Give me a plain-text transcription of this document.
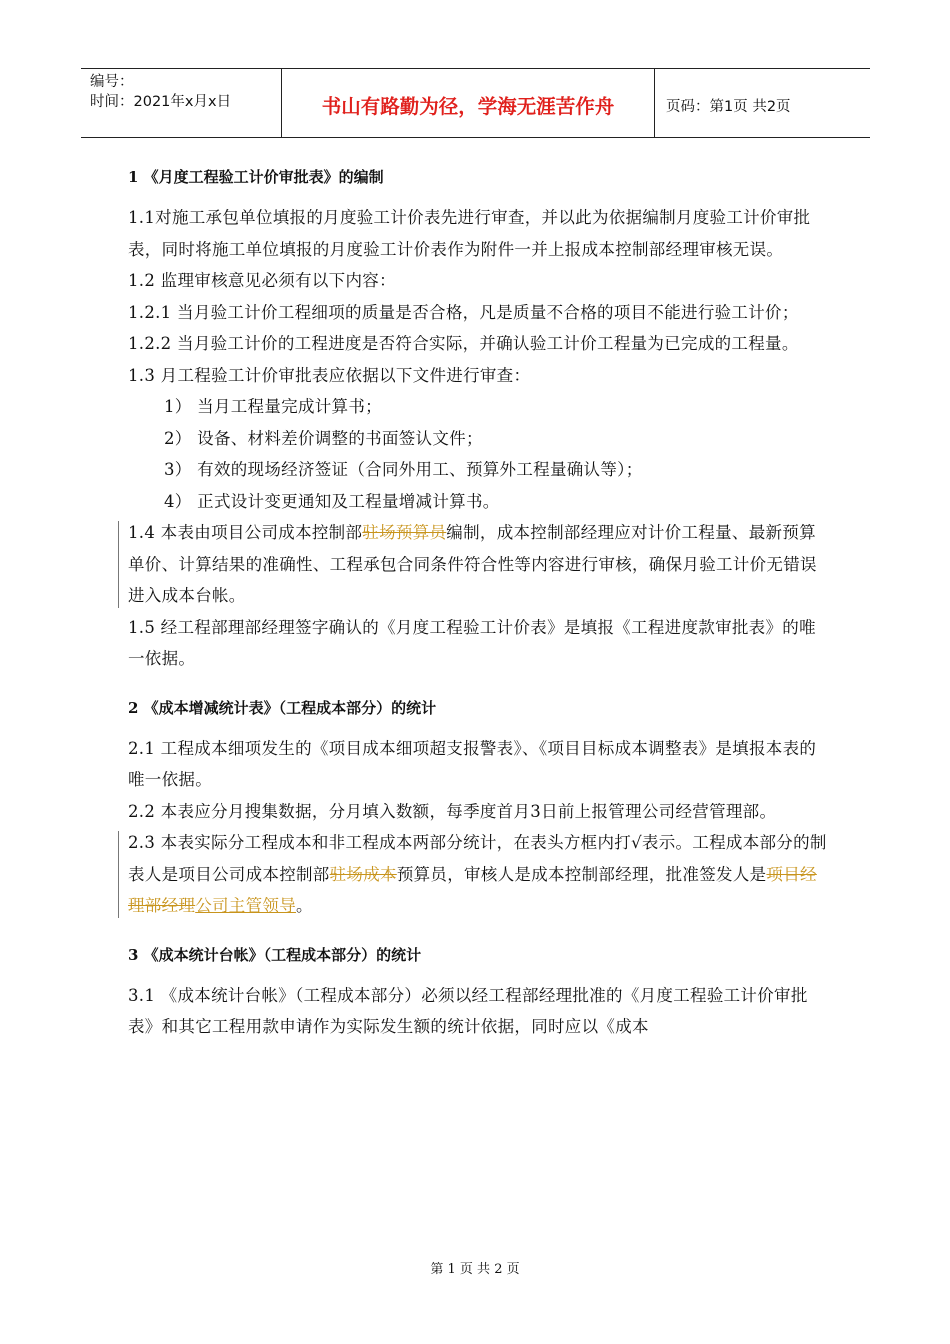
编号：
时间：2021年x月x日	书山有路勤为径，学海无涯苦作舟	页码：第1页 共2页
1 《月度工程验工计价审批表》的编制

1.1对施工承包单位填报的月度验工计价表先进行审查，并以此为依据编制月度验工计价审批表，同时将施工单位填报的月度验工计价表作为附件一并上报成本控制部经理审核无误。

1.2 监理审核意见必须有以下内容：

1.2.1 当月验工计价工程细项的质量是否合格，凡是质量不合格的项目不能进行验工计价；

1.2.2 当月验工计价的工程进度是否符合实际，并确认验工计价工程量为已完成的工程量。

1.3 月工程验工计价审批表应依据以下文件进行审查：

1） 当月工程量完成计算书；

2） 设备、材料差价调整的书面签认文件；

3） 有效的现场经济签证（合同外用工、预算外工程量确认等）；

4） 正式设计变更通知及工程量增减计算书。

1.4 本表由项目公司成本控制部驻场预算员编制，成本控制部经理应对计价工程量、最新预算单价、计算结果的准确性、工程承包合同条件符合性等内容进行审核，确保月验工计价无错误进入成本台帐。

1.5 经工程部理部经理签字确认的《月度工程验工计价表》是填报《工程进度款审批表》的唯一依据。

2 《成本增减统计表》（工程成本部分）的统计

2.1 工程成本细项发生的《项目成本细项超支报警表》、《项目目标成本调整表》是填报本表的唯一依据。

2.2 本表应分月搜集数据，分月填入数额，每季度首月3日前上报管理公司经营管理部。

2.3 本表实际分工程成本和非工程成本两部分统计，在表头方框内打√表示。工程成本部分的制表人是项目公司成本控制部驻场成本预算员，审核人是成本控制部经理，批准签发人是项目经理部经理公司主管领导。

3 《成本统计台帐》（工程成本部分）的统计

3.1 《成本统计台帐》（工程成本部分）必须以经工程部经理批准的《月度工程验工计价审批表》和其它工程用款申请作为实际发生额的统计依据，同时应以《成本

第 1 页 共 2 页
